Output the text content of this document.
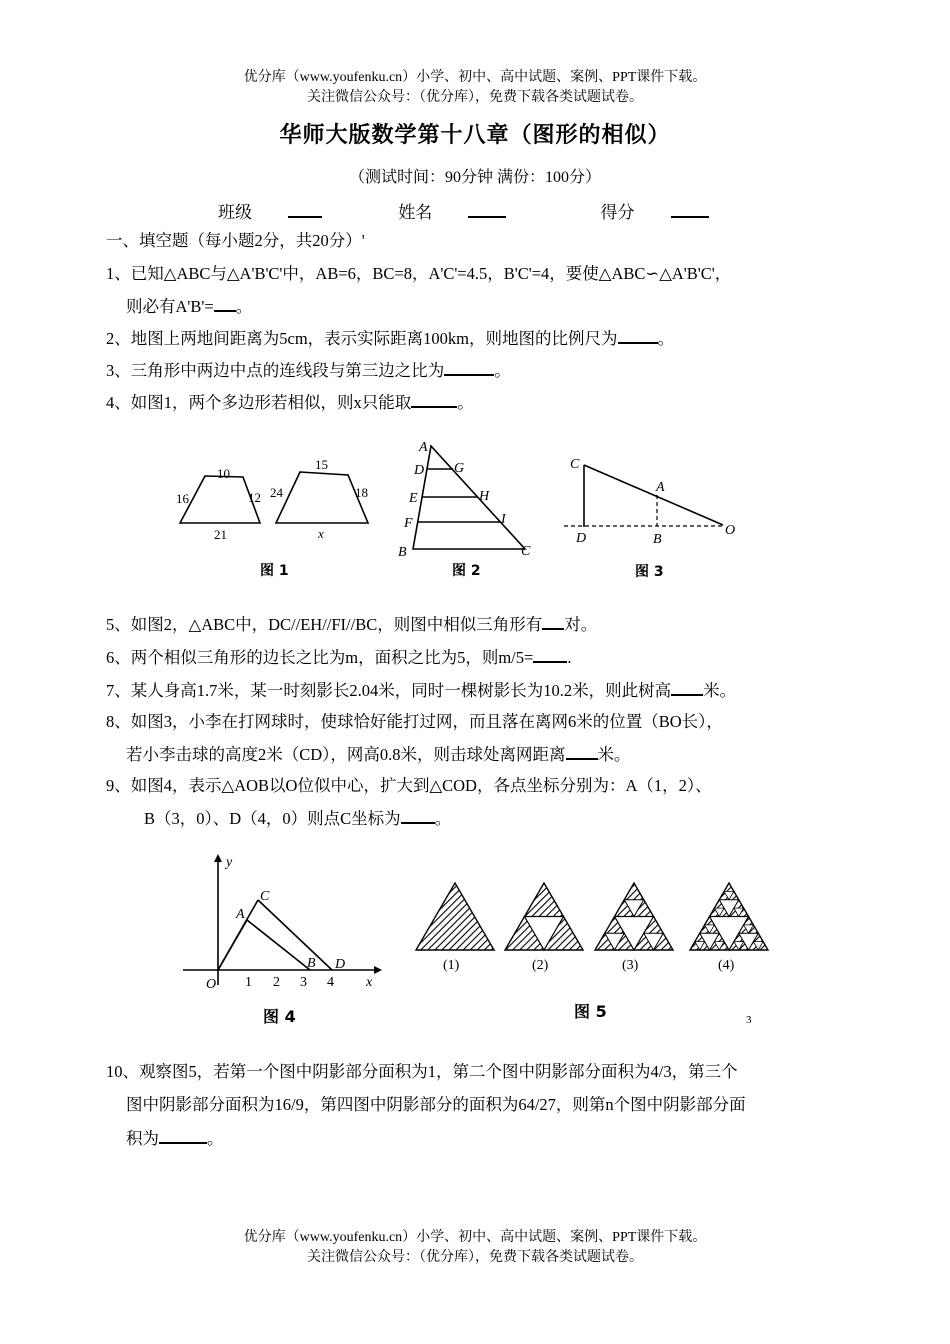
优分库（www.youfenku.cn）小学、初中、高中试题、案例、PPT课件下载。
关注微信公众号：（优分库），免费下载各类试题试卷。
华师大版数学第十八章（图形的相似）
（测试时间：90分钟 满份：100分）
班级	姓名	得分
一、填空题（每小题2分，共20分）'
1、已知△ABC与△A'B'C'中，AB=6，BC=8，A'C'=4.5，B'C'=4，要使△ABC∽△A'B'C'，
则必有A'B'= 。
2、地图上两地间距离为5cm，表示实际距离100km，则地图的比例尺为 。
3、三角形中两边中点的连线段与第三边之比为	。
4、如图1，两个多边形若相似，则x只能取	。
10
16	12
21
15
24	18
x
图 1
A
D G
E	H
F	I
B	C
图 2
C
A
D	B
O
图 3
5、如图2，△ABC中，DC//EH//FI//BC，则图中相似三角形有 对。
6、两个相似三角形的边长之比为m，面积之比为5，则m/5= .
7、某人身高1.7米，某一时刻影长2.04米，同时一棵树影长为10.2米，则此树高 米。
8、如图3，小李在打网球时，使球恰好能打过网，而且落在离网6米的位置（BO长），
若小李击球的高度2米（CD），网高0.8米，则击球处离网距离 米。
9、如图4，表示△AOB以O位似中心，扩大到△COD，各点坐标分别为：A（1，2）、
B（3，0）、D（4，0）则点C坐标为 。
y
x
O
C
A
B D
1 2 3 4
图 4
(1)	(2)	(3)	(4)
图 5	3
10、观察图5，若第一个图中阴影部分面积为1，第二个图中阴影部分面积为4/3，第三个
图中阴影部分面积为16/9，第四图中阴影部分的面积为64/27，则第n个图中阴影部分面
积为	。
优分库（www.youfenku.cn）小学、初中、高中试题、案例、PPT课件下载。
关注微信公众号：（优分库），免费下载各类试题试卷。
